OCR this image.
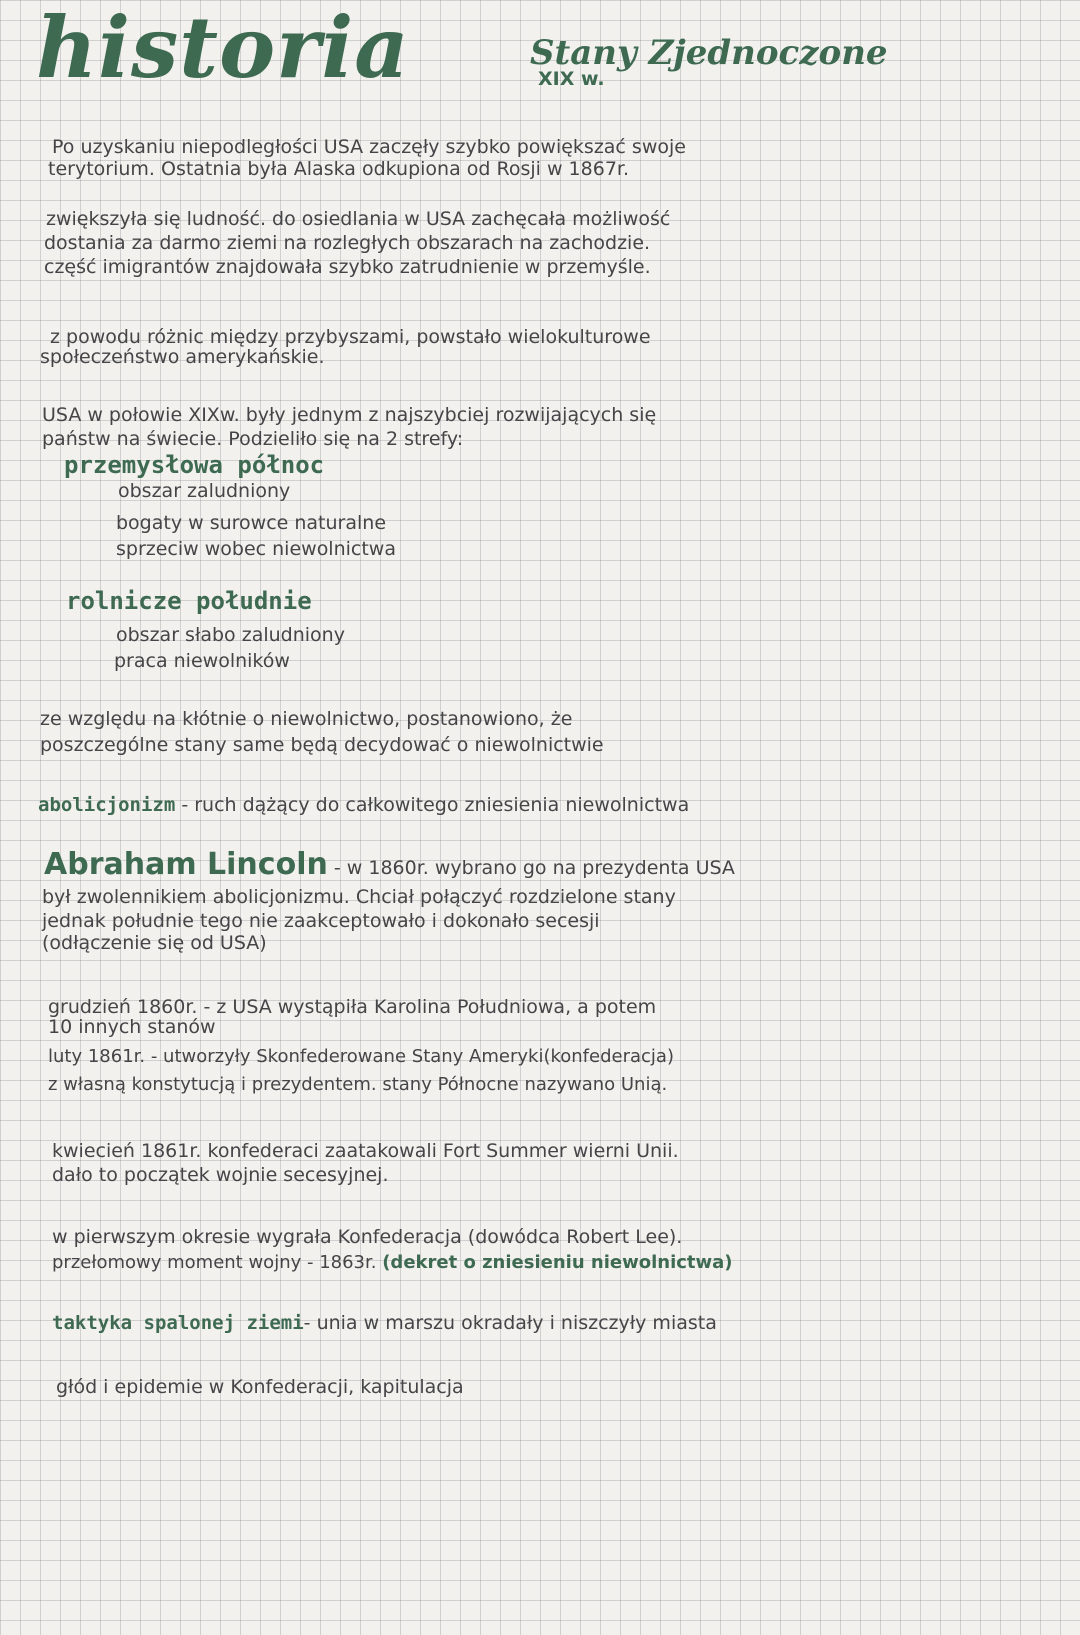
historia	Stany Zjednoczone
XIX w.
Po uzyskaniu niepodległości USA zaczęły szybko powiększać swoje
terytorium. Ostatnia była Alaska odkupiona od Rosji w 1867r.
zwiększyła się ludność. do osiedlania w USA zachęcała możliwość
dostania za darmo ziemi na rozległych obszarach na zachodzie.
część imigrantów znajdowała szybko zatrudnienie w przemyśle.
z powodu różnic między przybyszami, powstało wielokulturowe
społeczeństwo amerykańskie.
USA w połowie XIXw. były jednym z najszybciej rozwijających się
państw na świecie. Podzieliło się na 2 strefy:
przemysłowa północ
obszar zaludniony
bogaty w surowce naturalne
sprzeciw wobec niewolnictwa
rolnicze południe
obszar słabo zaludniony
praca niewolników
ze względu na kłótnie o niewolnictwo, postanowiono, że
poszczególne stany same będą decydować o niewolnictwie
abolicjonizm - ruch dążący do całkowitego zniesienia niewolnictwa
Abraham Lincoln - w 1860r. wybrano go na prezydenta USA
był zwolennikiem abolicjonizmu. Chciał połączyć rozdzielone stany
jednak południe tego nie zaakceptowało i dokonało secesji
(odłączenie się od USA)
grudzień 1860r. - z USA wystąpiła Karolina Południowa, a potem
10 innych stanów
luty 1861r. - utworzyły Skonfederowane Stany Ameryki(konfederacja)
z własną konstytucją i prezydentem. stany Północne nazywano Unią.
kwiecień 1861r. konfederaci zaatakowali Fort Summer wierni Unii.
dało to początek wojnie secesyjnej.
w pierwszym okresie wygrała Konfederacja (dowódca Robert Lee).
przełomowy moment wojny - 1863r. (dekret o zniesieniu niewolnictwa)
taktyka spalonej ziemi- unia w marszu okradały i niszczyły miasta
głód i epidemie w Konfederacji, kapitulacja
